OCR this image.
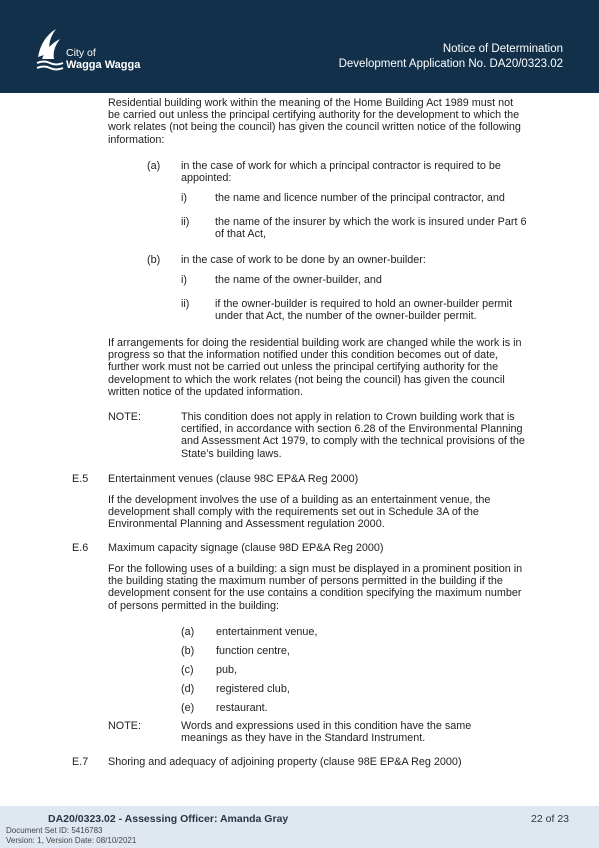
City of
Wagga Wagga
Notice of Determination
Development Application No. DA20/0323.02
Residential building work within the meaning of the Home Building Act 1989 must not be carried out unless the principal certifying authority for the development to which the work relates (not being the council) has given the council written notice of the following information:
(a) in the case of work for which a principal contractor is required to be appointed:
i)	the name and licence number of the principal contractor, and
ii) the name of the insurer by which the work is insured under Part 6 of that Act,
(b) in the case of work to be done by an owner-builder:
i)	the name of the owner-builder, and
ii) if the owner-builder is required to hold an owner-builder permit under that Act, the number of the owner-builder permit.
If arrangements for doing the residential building work are changed while the work is in progress so that the information notified under this condition becomes out of date, further work must not be carried out unless the principal certifying authority for the development to which the work relates (not being the council) has given the council written notice of the updated information.
NOTE:	This condition does not apply in relation to Crown building work that is certified, in accordance with section 6.28 of the Environmental Planning and Assessment Act 1979, to comply with the technical provisions of the State’s building laws.
E.5 Entertainment venues (clause 98C EP&A Reg 2000)
If the development involves the use of a building as an entertainment venue, the development shall comply with the requirements set out in Schedule 3A of the Environmental Planning and Assessment regulation 2000.
E.6 Maximum capacity signage (clause 98D EP&A Reg 2000)
For the following uses of a building: a sign must be displayed in a prominent position in the building stating the maximum number of persons permitted in the building if the development consent for the use contains a condition specifying the maximum number of persons permitted in the building:
(a) entertainment venue,
(b) function centre,
(c) pub,
(d) registered club,
(e) restaurant.
NOTE:	Words and expressions used in this condition have the same meanings as they have in the Standard Instrument.
E.7 Shoring and adequacy of adjoining property (clause 98E EP&A Reg 2000)
DA20/0323.02 - Assessing Officer: Amanda Gray	22 of 23
Document Set ID: 5416783
Version: 1, Version Date: 08/10/2021
